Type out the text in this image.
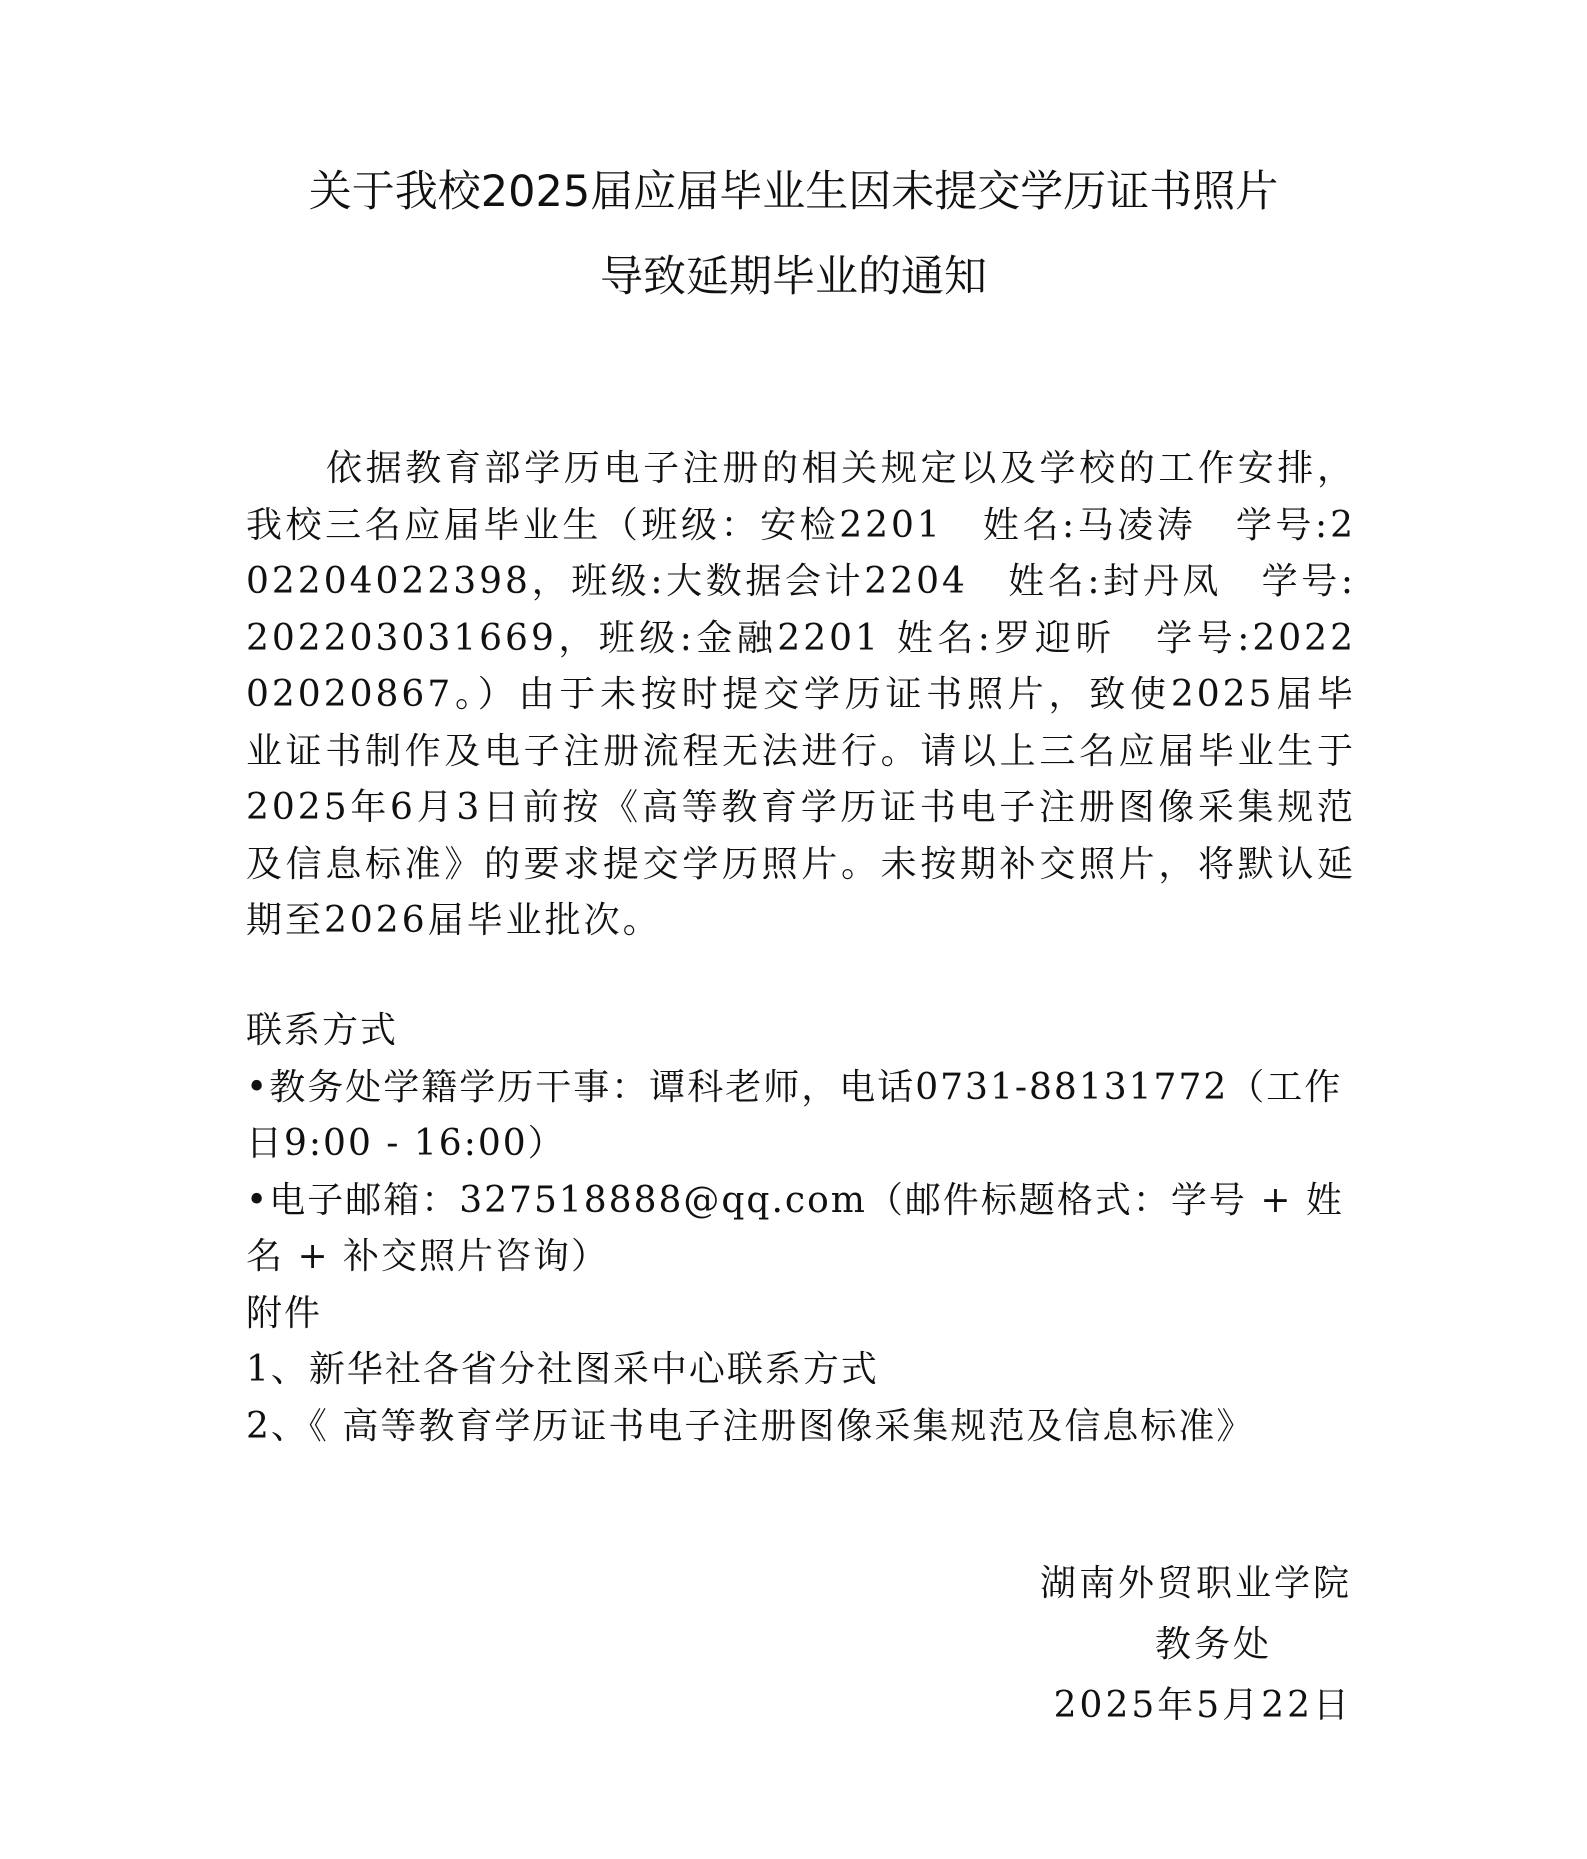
关于我校2025届应届毕业生因未提交学历证书照片
导致延期毕业的通知

依据教育部学历电子注册的相关规定以及学校的工作安排，我校三名应届毕业生（班级：安检2201　姓名:马凌涛　学号:202204022398，班级:大数据会计2204　姓名:封丹凤　学号:202203031669，班级:金融2201 姓名:罗迎昕　学号:202202020867。）由于未按时提交学历证书照片，致使2025届毕业证书制作及电子注册流程无法进行。请以上三名应届毕业生于2025年6月3日前按《高等教育学历证书电子注册图像采集规范及信息标准》的要求提交学历照片。未按期补交照片，将默认延期至2026届毕业批次。

联系方式
•教务处学籍学历干事：谭科老师，电话0731-88131772（工作日9:00 - 16:00）
•电子邮箱：327518888@qq.com（邮件标题格式：学号 + 姓名 + 补交照片咨询）
附件
1、新华社各省分社图采中心联系方式
2、《 高等教育学历证书电子注册图像采集规范及信息标准》
湖南外贸职业学院
教务处
2025年5月22日
